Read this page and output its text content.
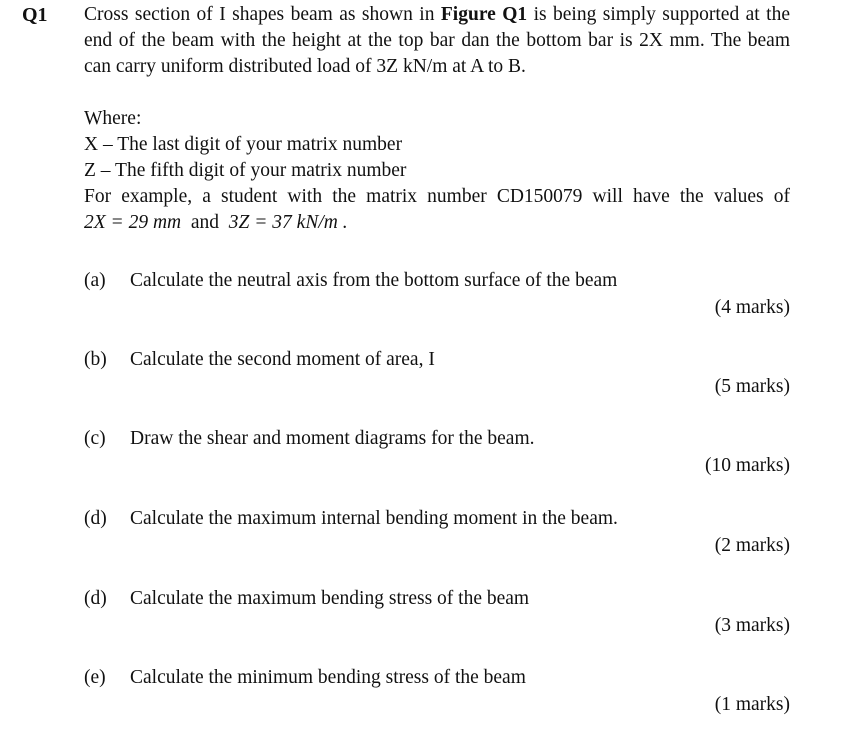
Q1 Cross section of I shapes beam as shown in Figure Q1 is being simply supported at the end of the beam with the height at the top bar dan the bottom bar is 2X mm. The beam can carry uniform distributed load of 3Z kN/m at A to B.

Where:

X – The last digit of your matrix number

Z – The fifth digit of your matrix number

For example, a student with the matrix number CD150079 will have the values of

2X = 29 mm and 3Z = 37 kN/m .

(a) Calculate the neutral axis from the bottom surface of the beam
(4 marks)
(b) Calculate the second moment of area, I
(5 marks)
(c) Draw the shear and moment diagrams for the beam.
(10 marks)
(d) Calculate the maximum internal bending moment in the beam.
(2 marks)
(d) Calculate the maximum bending stress of the beam
(3 marks)
(e) Calculate the minimum bending stress of the beam
(1 marks)
